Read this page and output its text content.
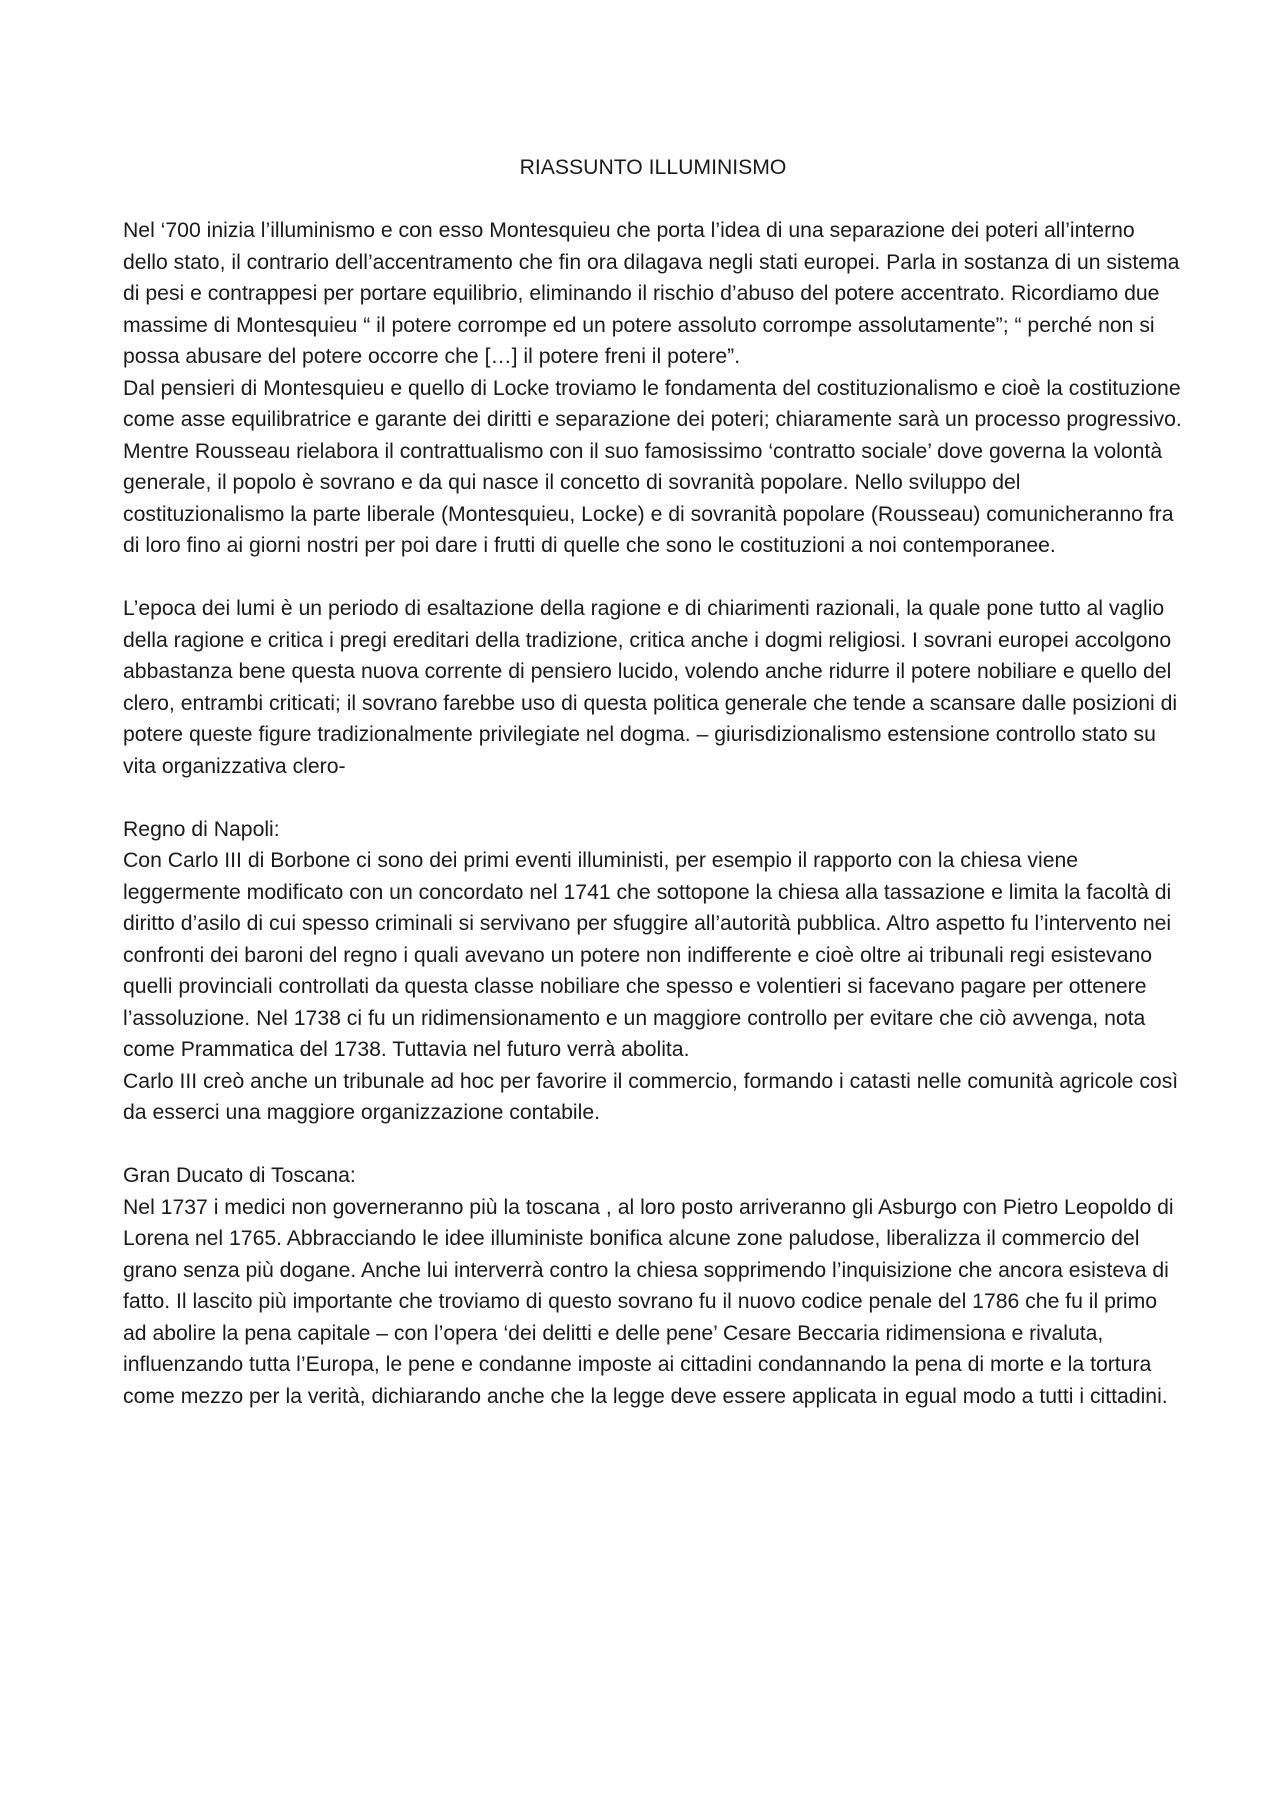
RIASSUNTO ILLUMINISMO

Nel ‘700 inizia l’illuminismo e con esso Montesquieu che porta l’idea di una separazione dei poteri all’interno dello stato, il contrario dell’accentramento che fin ora dilagava negli stati europei. Parla in sostanza di un sistema di pesi e contrappesi per portare equilibrio, eliminando il rischio d’abuso del potere accentrato. Ricordiamo due massime di Montesquieu “ il potere corrompe ed un potere assoluto corrompe assolutamente”; “ perché non si possa abusare del potere occorre che […] il potere freni il potere”.

Dal pensieri di Montesquieu e quello di Locke troviamo le fondamenta del costituzionalismo e cioè la costituzione come asse equilibratrice e garante dei diritti e separazione dei poteri; chiaramente sarà un processo progressivo. Mentre Rousseau rielabora il contrattualismo con il suo famosissimo ‘contratto sociale’ dove governa la volontà generale, il popolo è sovrano e da qui nasce il concetto di sovranità popolare. Nello sviluppo del costituzionalismo la parte liberale (Montesquieu, Locke) e di sovranità popolare (Rousseau) comunicheranno fra di loro fino ai giorni nostri per poi dare i frutti di quelle che sono le costituzioni a noi contemporanee.

L’epoca dei lumi è un periodo di esaltazione della ragione e di chiarimenti razionali, la quale pone tutto al vaglio della ragione e critica i pregi ereditari della tradizione, critica anche i dogmi religiosi. I sovrani europei accolgono abbastanza bene questa nuova corrente di pensiero lucido, volendo anche ridurre il potere nobiliare e quello del clero, entrambi criticati; il sovrano farebbe uso di questa politica generale che tende a scansare dalle posizioni di potere queste figure tradizionalmente privilegiate nel dogma. – giurisdizionalismo estensione controllo stato su vita organizzativa clero-

Regno di Napoli:

Con Carlo III di Borbone ci sono dei primi eventi illuministi, per esempio il rapporto con la chiesa viene leggermente modificato con un concordato nel 1741 che sottopone la chiesa alla tassazione e limita la facoltà di diritto d’asilo di cui spesso criminali si servivano per sfuggire all’autorità pubblica. Altro aspetto fu l’intervento nei confronti dei baroni del regno i quali avevano un potere non indifferente e cioè oltre ai tribunali regi esistevano quelli provinciali controllati da questa classe nobiliare che spesso e volentieri si facevano pagare per ottenere l’assoluzione. Nel 1738 ci fu un ridimensionamento e un maggiore controllo per evitare che ciò avvenga, nota come Prammatica del 1738. Tuttavia nel futuro verrà abolita.

Carlo III creò anche un tribunale ad hoc per favorire il commercio, formando i catasti nelle comunità agricole così da esserci una maggiore organizzazione contabile.

Gran Ducato di Toscana:

Nel 1737 i medici non governeranno più la toscana , al loro posto arriveranno gli Asburgo con Pietro Leopoldo di Lorena nel 1765. Abbracciando le idee illuministe bonifica alcune zone paludose, liberalizza il commercio del grano senza più dogane. Anche lui interverrà contro la chiesa sopprimendo l’inquisizione che ancora esisteva di fatto. Il lascito più importante che troviamo di questo sovrano fu il nuovo codice penale del 1786 che fu il primo ad abolire la pena capitale – con l’opera ‘dei delitti e delle pene’ Cesare Beccaria ridimensiona e rivaluta, influenzando tutta l’Europa, le pene e condanne imposte ai cittadini condannando la pena di morte e la tortura come mezzo per la verità, dichiarando anche che la legge deve essere applicata in egual modo a tutti i cittadini.
